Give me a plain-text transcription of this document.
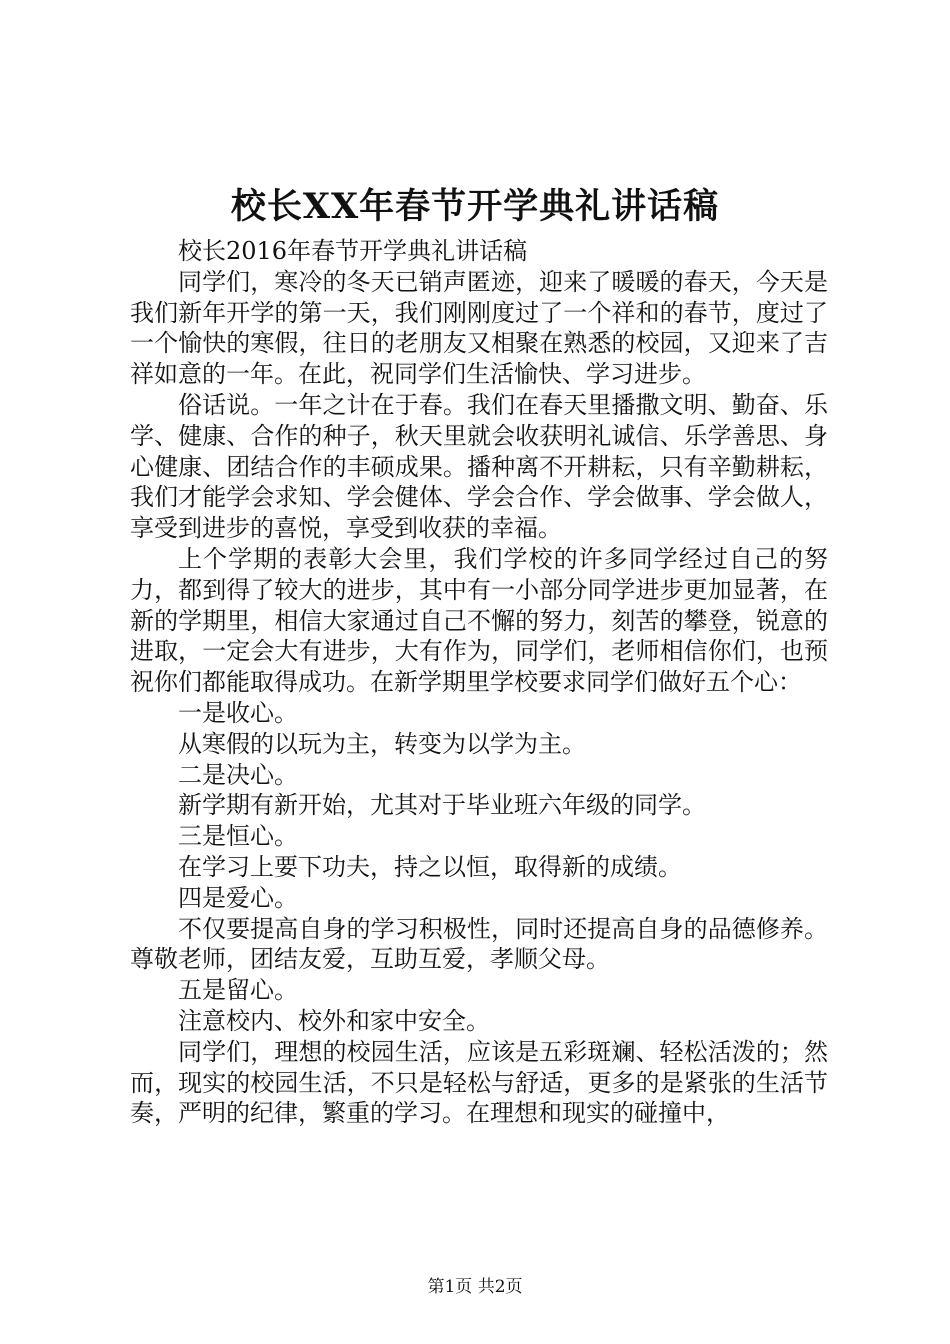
校长XX年春节开学典礼讲话稿

校长2016年春节开学典礼讲话稿

同学们，寒冷的冬天已销声匿迹，迎来了暖暖的春天，今天是我们新年开学的第一天，我们刚刚度过了一个祥和的春节，度过了一个愉快的寒假，往日的老朋友又相聚在熟悉的校园，又迎来了吉祥如意的一年。在此，祝同学们生活愉快、学习进步。

俗话说。一年之计在于春。我们在春天里播撒文明、勤奋、乐学、健康、合作的种子，秋天里就会收获明礼诚信、乐学善思、身心健康、团结合作的丰硕成果。播种离不开耕耘，只有辛勤耕耘，我们才能学会求知、学会健体、学会合作、学会做事、学会做人，享受到进步的喜悦，享受到收获的幸福。

上个学期的表彰大会里，我们学校的许多同学经过自己的努力，都到得了较大的进步，其中有一小部分同学进步更加显著，在新的学期里，相信大家通过自己不懈的努力，刻苦的攀登，锐意的进取，一定会大有进步，大有作为，同学们，老师相信你们，也预祝你们都能取得成功。在新学期里学校要求同学们做好五个心：

一是收心。

从寒假的以玩为主，转变为以学为主。

二是决心。

新学期有新开始，尤其对于毕业班六年级的同学。

三是恒心。

在学习上要下功夫，持之以恒，取得新的成绩。

四是爱心。

不仅要提高自身的学习积极性，同时还提高自身的品德修养。尊敬老师，团结友爱，互助互爱，孝顺父母。

五是留心。

注意校内、校外和家中安全。

同学们，理想的校园生活，应该是五彩斑斓、轻松活泼的；然而，现实的校园生活，不只是轻松与舒适，更多的是紧张的生活节奏，严明的纪律，繁重的学习。在理想和现实的碰撞中，

第1页 共2页
